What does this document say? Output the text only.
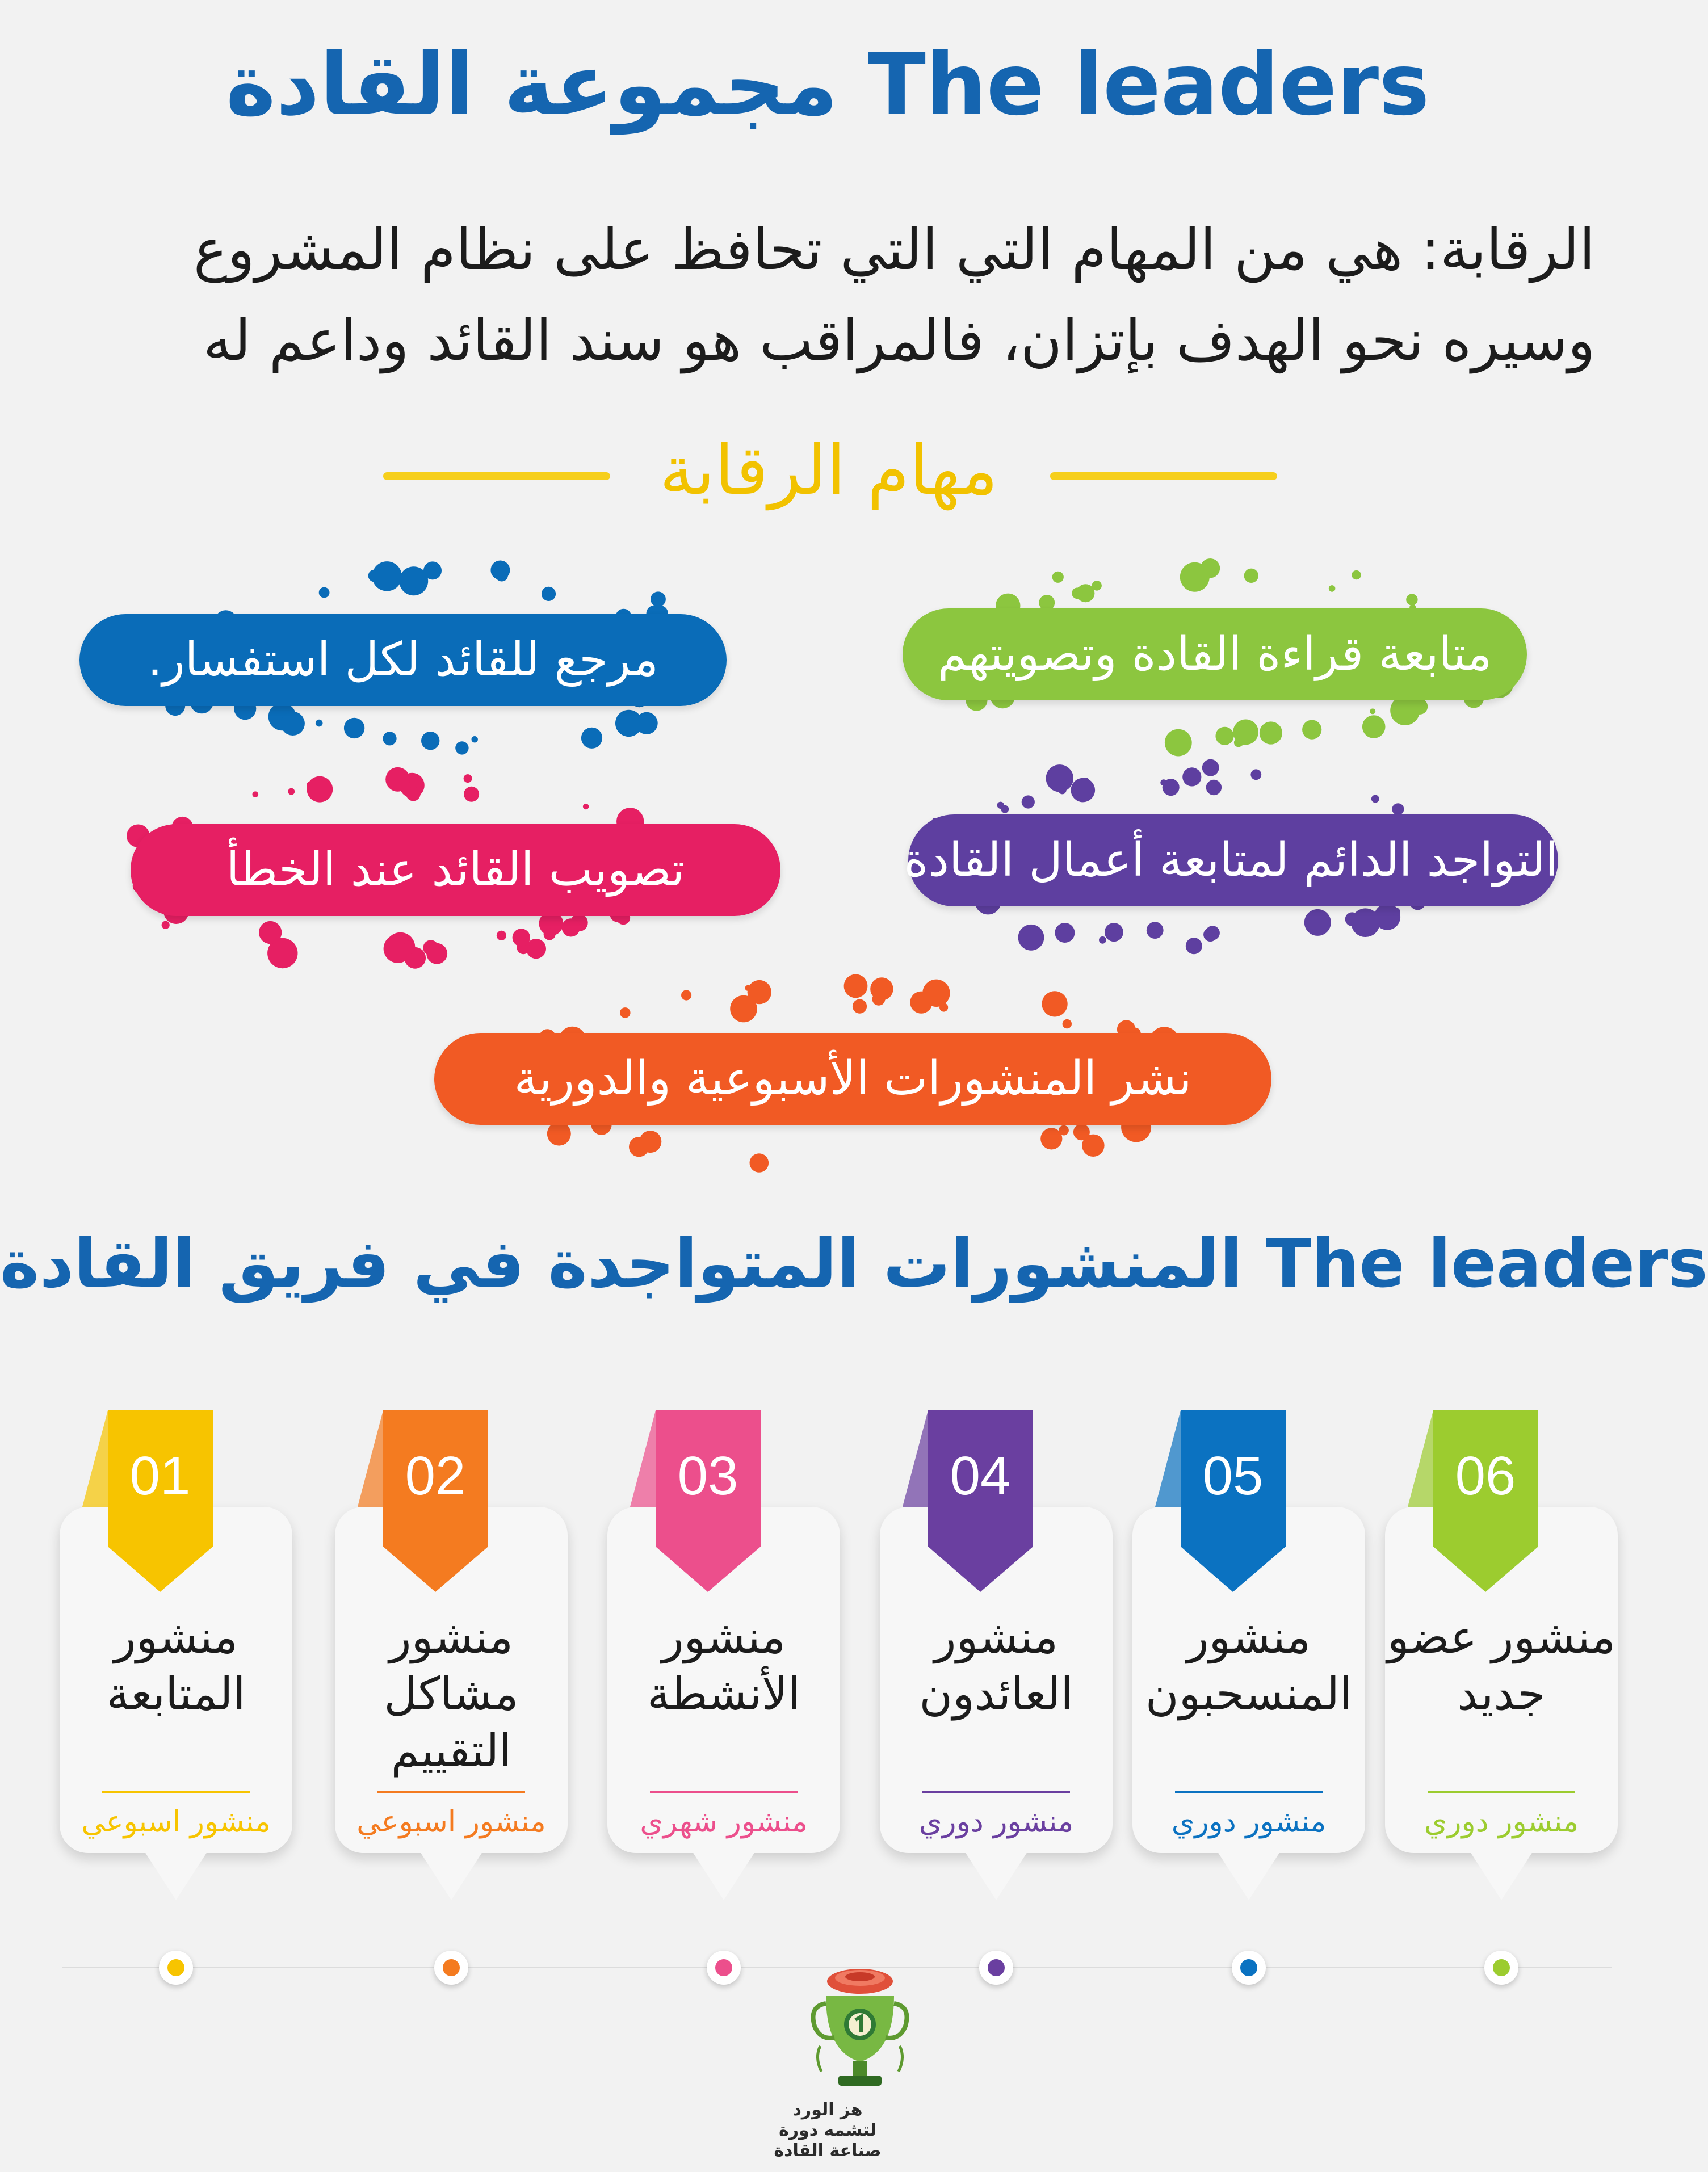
مجموعة القادة The leaders
الرقابة: هي من المهام التي التي تحافظ على نظام المشروع وسيره نحو الهدف بإتزان، فالمراقب هو سند القائد وداعم له
مهام الرقابة
متابعة قراءة القادة وتصويتهم
مرجع للقائد لكل استفسار.
التواجد الدائم لمتابعة أعمال القادة
تصويب القائد عند الخطأ
نشر المنشورات الأسبوعية والدورية
المنشورات المتواجدة في فريق القادة The leaders
منشور المتابعة
منشور اسبوعي
منشور مشاكل التقييم
منشور اسبوعي
منشور الأنشطة
منشور شهري
منشور العائدون
منشور دوري
منشور المنسحبون
منشور دوري
منشور عضو جديد
منشور دوري
هز الورد لتشمه دورة صناعة القادة
01	02	03	04	05	06
